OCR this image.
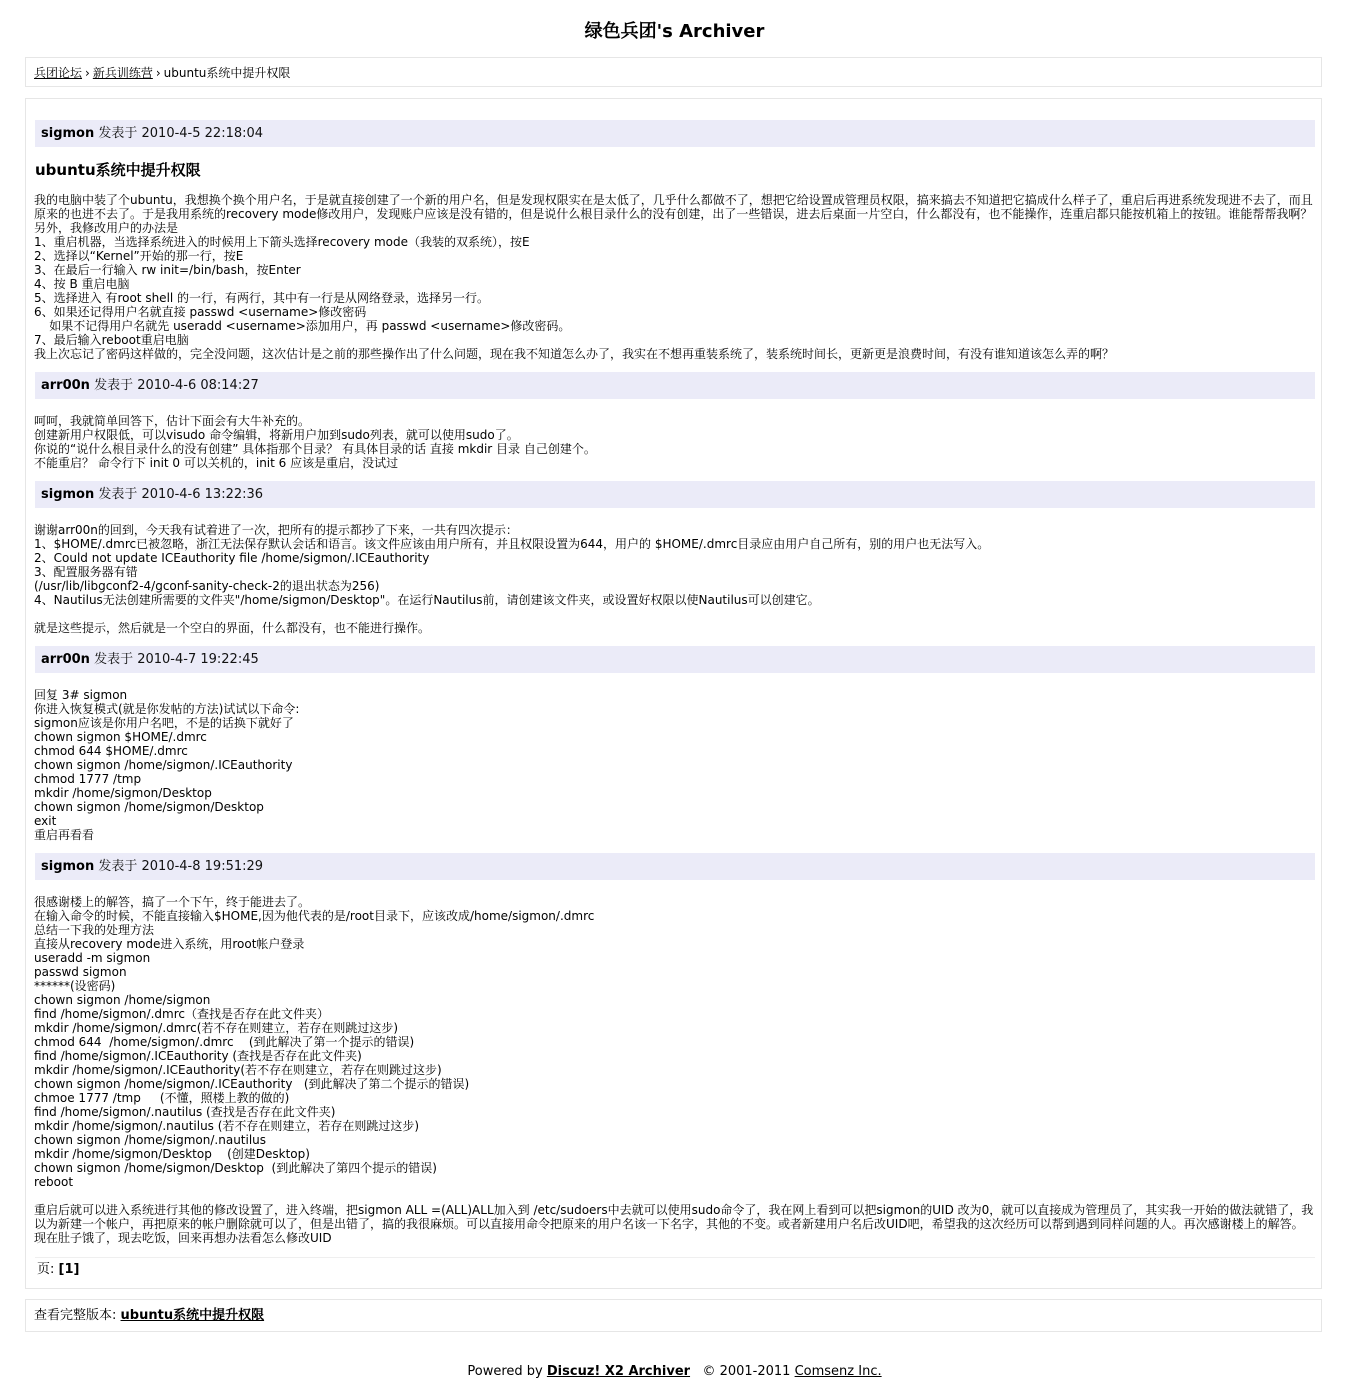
绿色兵团's Archiver
兵团论坛 › 新兵训练营 › ubuntu系统中提升权限
sigmon 发表于 2010-4-5 22:18:04
ubuntu系统中提升权限
我的电脑中装了个ubuntu，我想换个换个用户名，于是就直接创建了一个新的用户名，但是发现权限实在是太低了，几乎什么都做不了，想把它给设置成管理员权限，搞来搞去不知道把它搞成什么样子了，重启后再进系统发现进不去了，而且原来的也进不去了。于是我用系统的recovery mode修改用户，发现账户应该是没有错的，但是说什么根目录什么的没有创建，出了一些错误，进去后桌面一片空白，什么都没有，也不能操作，连重启都只能按机箱上的按钮。谁能帮帮我啊？
另外，我修改用户的办法是
1、重启机器，当选择系统进入的时候用上下箭头选择recovery mode（我装的双系统），按E
2、选择以“Kernel”开始的那一行，按E
3、在最后一行输入 rw init=/bin/bash，按Enter
4、按 B 重启电脑
5、选择进入 有root shell 的一行，有两行，其中有一行是从网络登录，选择另一行。
6、如果还记得用户名就直接 passwd <username>修改密码
如果不记得用户名就先 useradd <username>添加用户，再 passwd <username>修改密码。
7、最后输入reboot重启电脑
我上次忘记了密码这样做的，完全没问题，这次估计是之前的那些操作出了什么问题，现在我不知道怎么办了，我实在不想再重装系统了，装系统时间长，更新更是浪费时间，有没有谁知道该怎么弄的啊？
arr00n 发表于 2010-4-6 08:14:27
呵呵，我就简单回答下，估计下面会有大牛补充的。
创建新用户权限低，可以visudo 命令编辑，将新用户加到sudo列表，就可以使用sudo了。
你说的“说什么根目录什么的没有创建” 具体指那个目录？ 有具体目录的话 直接 mkdir 目录 自己创建个。
不能重启？ 命令行下 init 0 可以关机的，init 6 应该是重启，没试过
sigmon 发表于 2010-4-6 13:22:36
谢谢arr00n的回到，今天我有试着进了一次，把所有的提示都抄了下来，一共有四次提示：
1、$HOME/.dmrc已被忽略，浙江无法保存默认会话和语言。该文件应该由用户所有，并且权限设置为644，用户的 $HOME/.dmrc目录应由用户自己所有，别的用户也无法写入。
2、Could not update ICEauthority file /home/sigmon/.ICEauthority
3、配置服务器有错
(/usr/lib/libgconf2-4/gconf-sanity-check-2的退出状态为256)
4、Nautilus无法创建所需要的文件夹"/home/sigmon/Desktop"。在运行Nautilus前，请创建该文件夹，或设置好权限以使Nautilus可以创建它。

就是这些提示，然后就是一个空白的界面，什么都没有，也不能进行操作。
arr00n 发表于 2010-4-7 19:22:45
回复 3# sigmon
你进入恢复模式(就是你发帖的方法)试试以下命令:
sigmon应该是你用户名吧，不是的话换下就好了
chown sigmon $HOME/.dmrc
chmod 644 $HOME/.dmrc
chown sigmon /home/sigmon/.ICEauthority
chmod 1777 /tmp
mkdir /home/sigmon/Desktop
chown sigmon /home/sigmon/Desktop
exit
重启再看看
sigmon 发表于 2010-4-8 19:51:29
很感谢楼上的解答，搞了一个下午，终于能进去了。
在输入命令的时候，不能直接输入$HOME,因为他代表的是/root目录下，应该改成/home/sigmon/.dmrc
总结一下我的处理方法
直接从recovery mode进入系统，用root帐户登录
useradd -m sigmon
passwd sigmon
******(设密码)
chown sigmon /home/sigmon
find /home/sigmon/.dmrc（查找是否存在此文件夹）
mkdir /home/sigmon/.dmrc(若不存在则建立，若存在则跳过这步)
chmod 644  /home/sigmon/.dmrc    (到此解决了第一个提示的错误)
find /home/sigmon/.ICEauthority (查找是否存在此文件夹)
mkdir /home/sigmon/.ICEauthority(若不存在则建立，若存在则跳过这步)
chown sigmon /home/sigmon/.ICEauthority   (到此解决了第二个提示的错误)
chmoe 1777 /tmp     (不懂，照楼上教的做的)
find /home/sigmon/.nautilus (查找是否存在此文件夹)
mkdir /home/sigmon/.nautilus (若不存在则建立，若存在则跳过这步)
chown sigmon /home/sigmon/.nautilus
mkdir /home/sigmon/Desktop    (创建Desktop)
chown sigmon /home/sigmon/Desktop  (到此解决了第四个提示的错误)
reboot

重启后就可以进入系统进行其他的修改设置了，进入终端，把sigmon ALL =(ALL)ALL加入到 /etc/sudoers中去就可以使用sudo命令了，我在网上看到可以把sigmon的UID 改为0，就可以直接成为管理员了，其实我一开始的做法就错了，我以为新建一个帐户，再把原来的帐户删除就可以了，但是出错了，搞的我很麻烦。可以直接用命令把原来的用户名该一下名字，其他的不变。或者新建用户名后改UID吧，希望我的这次经历可以帮到遇到同样问题的人。再次感谢楼上的解答。
现在肚子饿了，现去吃饭，回来再想办法看怎么修改UID
页: [1]
查看完整版本: ubuntu系统中提升权限
Powered by Discuz! X2 Archiver © 2001-2011 Comsenz Inc.
